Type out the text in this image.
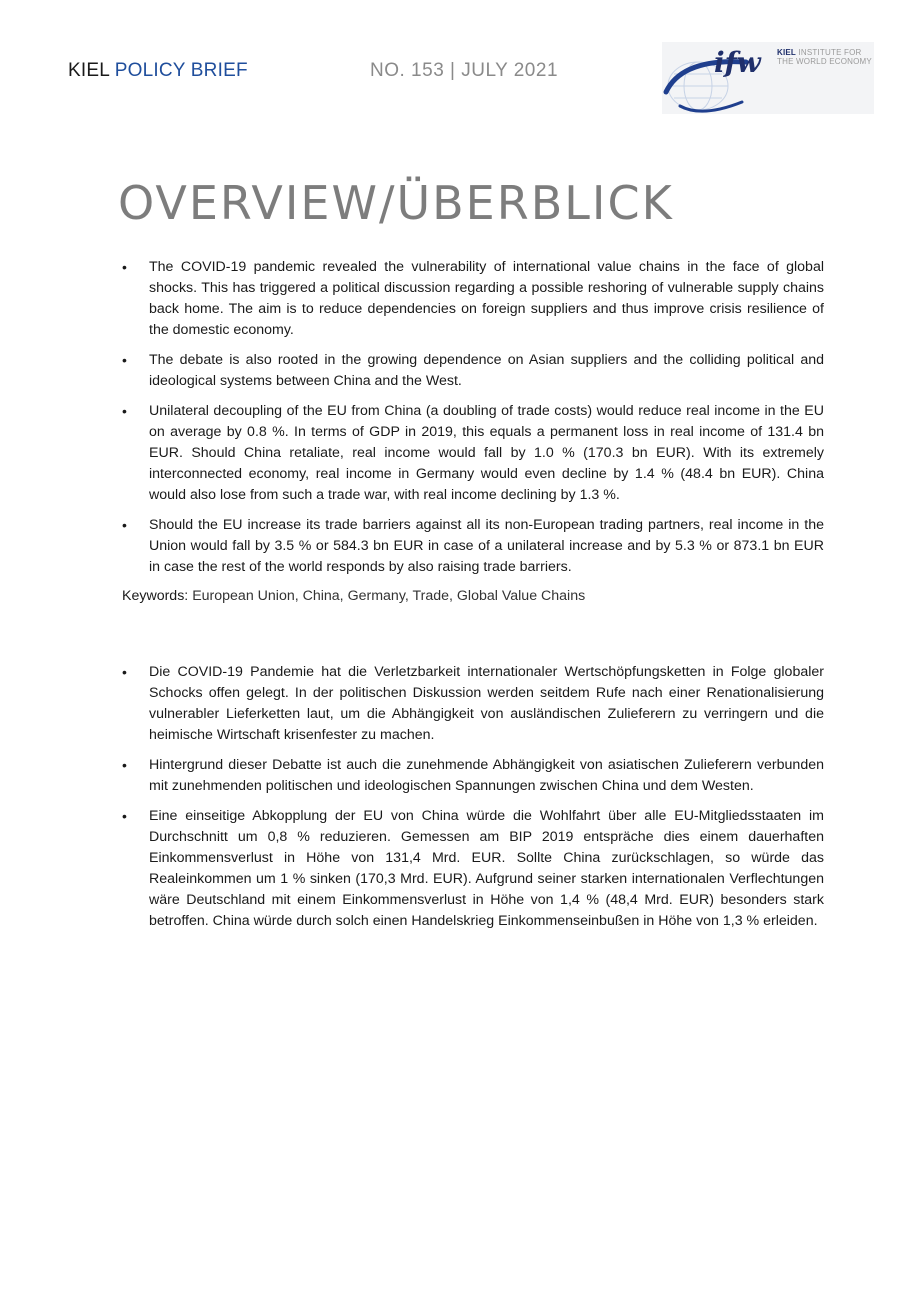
KIEL POLICY BRIEF	NO. 153 | JULY 2021	ifw KIEL INSTITUTE FOR
THE WORLD ECONOMY
OVERVIEW/ÜBERBLICK
• The COVID-19 pandemic revealed the vulnerability of international value chains in the face of global shocks. This has triggered a political discussion regarding a possible reshoring of vulnerable supply chains back home. The aim is to reduce dependencies on foreign suppliers and thus improve crisis resilience of the domestic economy.
• The debate is also rooted in the growing dependence on Asian suppliers and the colliding political and ideological systems between China and the West.
• Unilateral decoupling of the EU from China (a doubling of trade costs) would reduce real income in the EU on average by 0.8 %. In terms of GDP in 2019, this equals a permanent loss in real income of 131.4 bn EUR. Should China retaliate, real income would fall by 1.0 % (170.3 bn EUR). With its extremely interconnected economy, real income in Germany would even decline by 1.4 % (48.4 bn EUR). China would also lose from such a trade war, with real income declining by 1.3 %.
• Should the EU increase its trade barriers against all its non-European trading partners, real income in the Union would fall by 3.5 % or 584.3 bn EUR in case of a unilateral increase and by 5.3 % or 873.1 bn EUR in case the rest of the world responds by also raising trade barriers.
Keywords: European Union, China, Germany, Trade, Global Value Chains
• Die COVID-19 Pandemie hat die Verletzbarkeit internationaler Wertschöpfungsketten in Folge globaler Schocks offen gelegt. In der politischen Diskussion werden seitdem Rufe nach einer Renationalisierung vulnerabler Lieferketten laut, um die Abhängigkeit von ausländischen Zulieferern zu verringern und die heimische Wirtschaft krisenfester zu machen.
• Hintergrund dieser Debatte ist auch die zunehmende Abhängigkeit von asiatischen Zulieferern verbunden mit zunehmenden politischen und ideologischen Spannungen zwischen China und dem Westen.
• Eine einseitige Abkopplung der EU von China würde die Wohlfahrt über alle EU-Mitgliedsstaaten im Durchschnitt um 0,8 % reduzieren. Gemessen am BIP 2019 entspräche dies einem dauerhaften Einkommensverlust in Höhe von 131,4 Mrd. EUR. Sollte China zurückschlagen, so würde das Realeinkommen um 1 % sinken (170,3 Mrd. EUR). Aufgrund seiner starken internationalen Verflechtungen wäre Deutschland mit einem Einkommensverlust in Höhe von 1,4 % (48,4 Mrd. EUR) besonders stark betroffen. China würde durch solch einen Handelskrieg Einkommenseinbußen in Höhe von 1,3 % erleiden.
